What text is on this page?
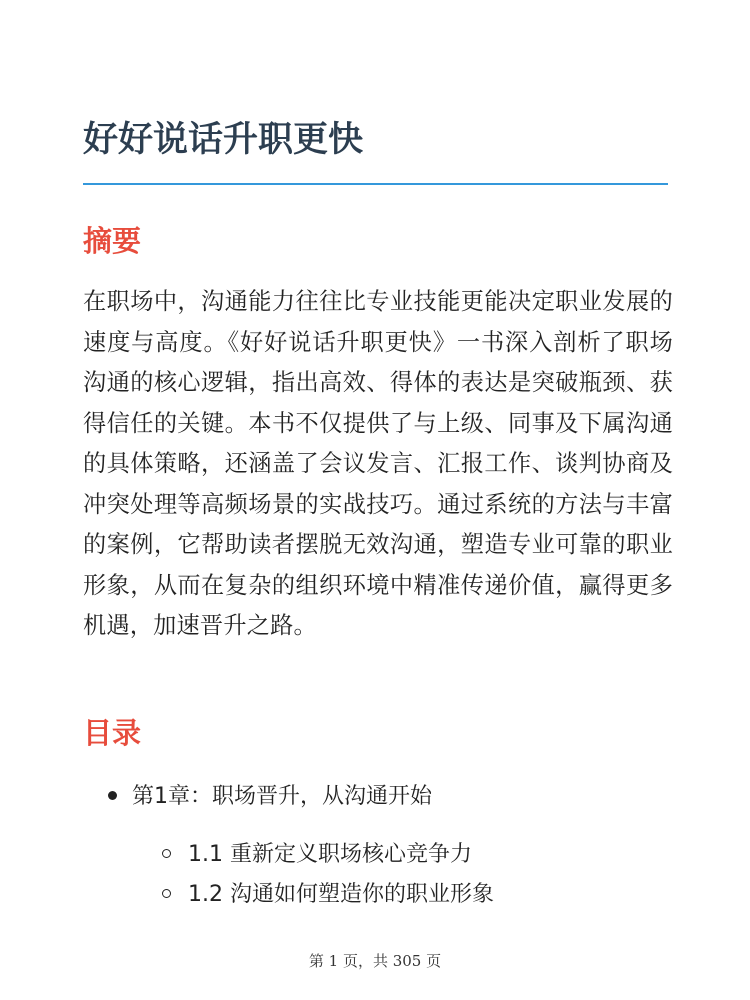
好好说话升职更快
摘要

在职场中，沟通能力往往比专业技能更能决定职业发展的速度与高度。《好好说话升职更快》一书深入剖析了职场沟通的核心逻辑，指出高效、得体的表达是突破瓶颈、获得信任的关键。本书不仅提供了与上级、同事及下属沟通的具体策略，还涵盖了会议发言、汇报工作、谈判协商及冲突处理等高频场景的实战技巧。通过系统的方法与丰富的案例，它帮助读者摆脱无效沟通，塑造专业可靠的职业形象，从而在复杂的组织环境中精准传递价值，赢得更多机遇，加速晋升之路。

目录
第1章：职场晋升，从沟通开始
1.1 重新定义职场核心竞争力
1.2 沟通如何塑造你的职业形象
第 1 页，共 305 页
